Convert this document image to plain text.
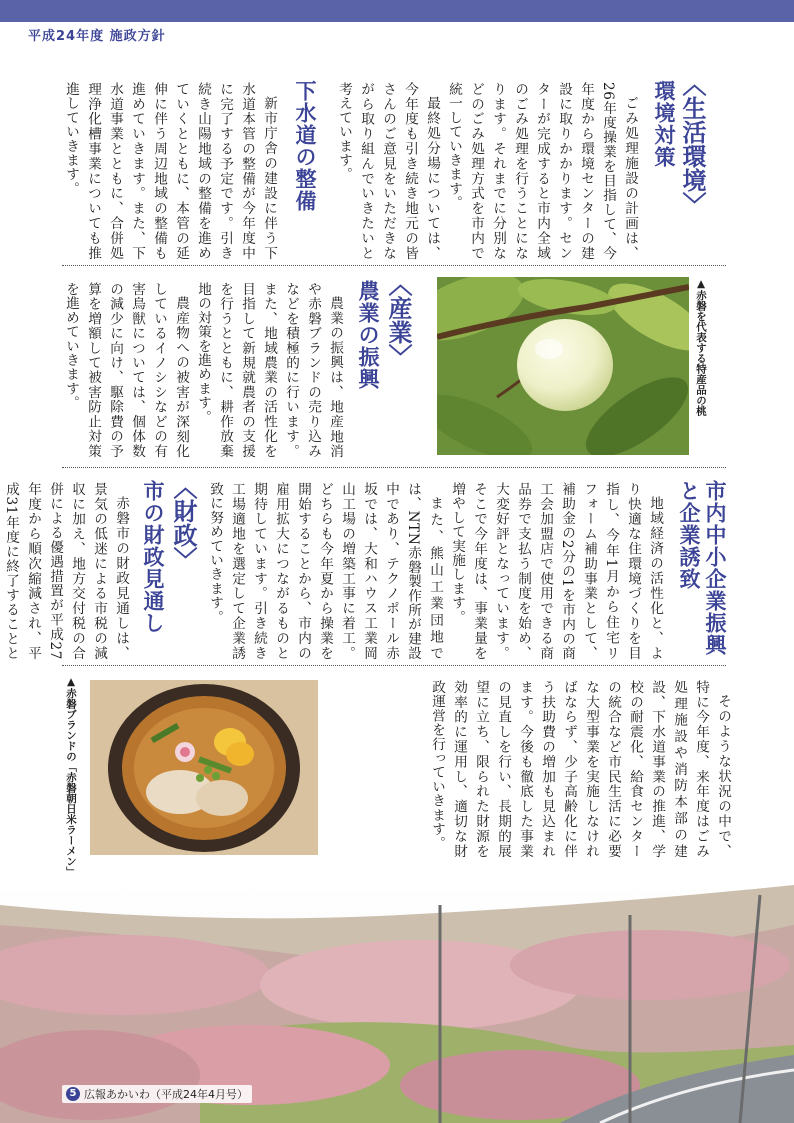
平成24年度 施政方針
〈生活環境〉
環境対策

ごみ処理施設の計画は、26年度操業を目指して、今年度から環境センターの建設に取りかかります。センターが完成すると市内全域のごみ処理を行うことになります。それまでに分別などのごみ処理方式を市内で統一していきます。

最終処分場については、今年度も引き続き地元の皆さんのご意見をいただきながら取り組んでいきたいと考えています。

下水道の整備

新市庁舎の建設に伴う下水道本管の整備が今年度中に完了する予定です。引き続き山陽地域の整備を進めていくとともに、本管の延伸に伴う周辺地域の整備も進めていきます。また、下水道事業とともに、合併処理浄化槽事業についても推進していきます。

▲赤磐を代表する特産品の桃
〈産業〉
農業の振興

農業の振興は、地産地消や赤磐ブランドの売り込みなどを積極的に行います。また、地域農業の活性化を目指して新規就農者の支援を行うとともに、耕作放棄地の対策を進めます。

農産物への被害が深刻化しているイノシシなどの有害鳥獣については、個体数の減少に向け、駆除費の予算を増額して被害防止対策を進めていきます。

市内中小企業振興と企業誘致

地域経済の活性化と、より快適な住環境づくりを目指し、今年1月から住宅リフォーム補助事業として、補助金の2分の1を市内の商工会加盟店で使用できる商品券で支払う制度を始め、大変好評となっています。そこで今年度は、事業量を増やして実施します。

また、熊山工業団地では、NTN赤磐製作所が建設中であり、テクノポール赤坂では、大和ハウス工業岡山工場の増築工事に着工。どちらも今年夏から操業を開始することから、市内の雇用拡大につながるものと期待しています。引き続き工場適地を選定して企業誘致に努めていきます。

〈財政〉
市の財政見通し

赤磐市の財政見通しは、景気の低迷による市税の減収に加え、地方交付税の合併による優遇措置が平成27年度から順次縮減され、平成31年度に終了することと

そのような状況の中で、特に今年度、来年度はごみ処理施設や消防本部の建設、下水道事業の推進、学校の耐震化、給食センターの統合など市民生活に必要な大型事業を実施しなければならず、少子高齢化に伴う扶助費の増加も見込まれます。今後も徹底した事業の見直しを行い、長期的展望に立ち、限られた財源を効率的に運用し、適切な財政運営を行っていきます。

▲赤磐ブランドの「赤磐朝日米ラーメン」
5 広報あかいわ（平成24年4月号）
